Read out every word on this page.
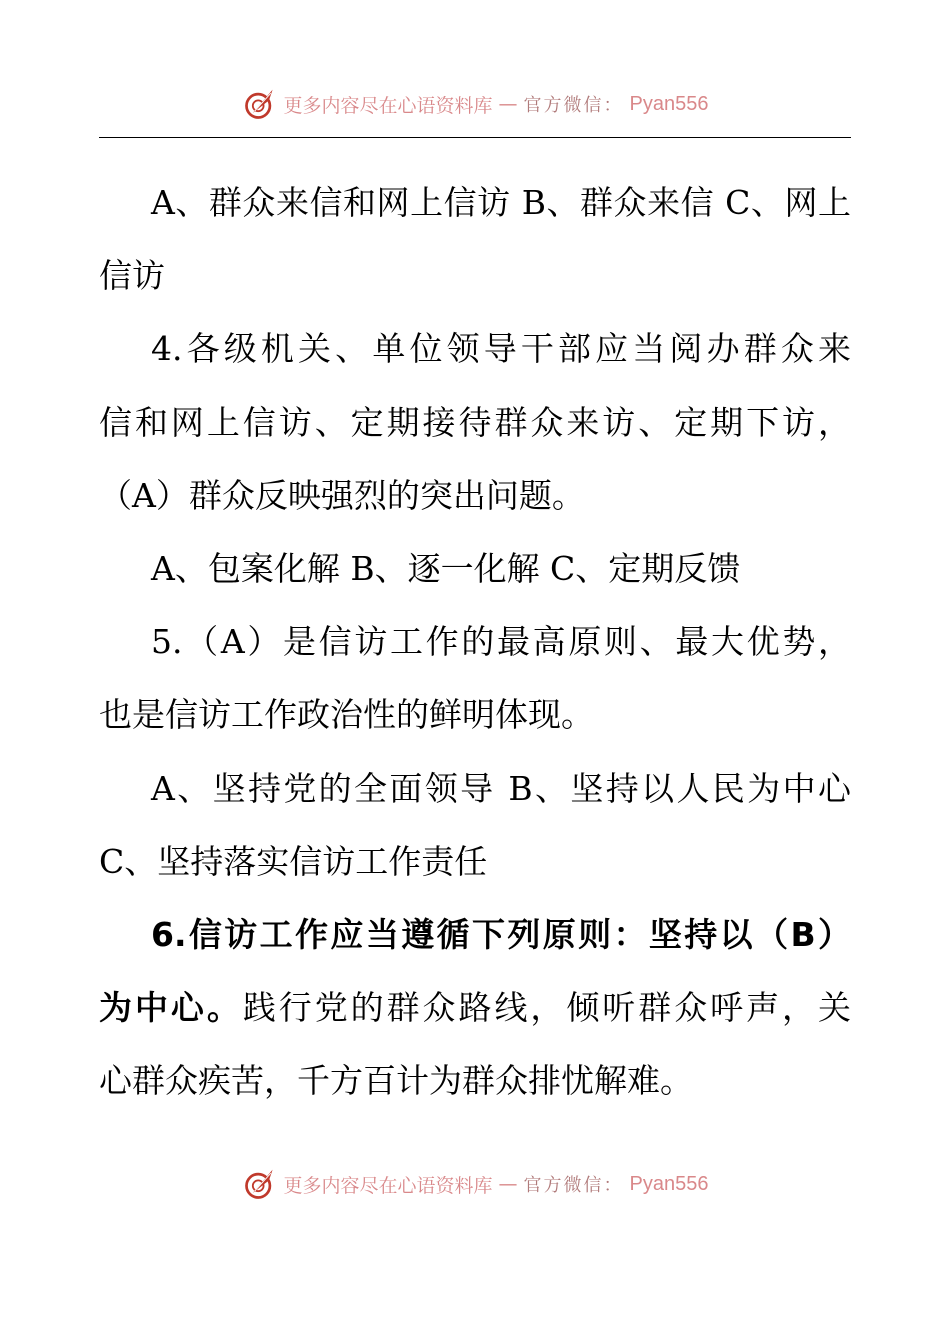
更多内容尽在心语资料库 — 官方微信： Pyan556
A、群众来信和网上信访 B、群众来信 C、网上
信访
4.各级机关、单位领导干部应当阅办群众来
信和网上信访、定期接待群众来访、定期下访，
（A）群众反映强烈的突出问题。
A、包案化解 B、逐一化解 C、定期反馈
5.（A）是信访工作的最高原则、最大优势，
也是信访工作政治性的鲜明体现。
A、坚持党的全面领导 B、坚持以人民为中心
C、坚持落实信访工作责任
6.信访工作应当遵循下列原则：坚持以（B）
为中心。践行党的群众路线，倾听群众呼声，关
心群众疾苦，千方百计为群众排忧解难。
更多内容尽在心语资料库 — 官方微信： Pyan556
